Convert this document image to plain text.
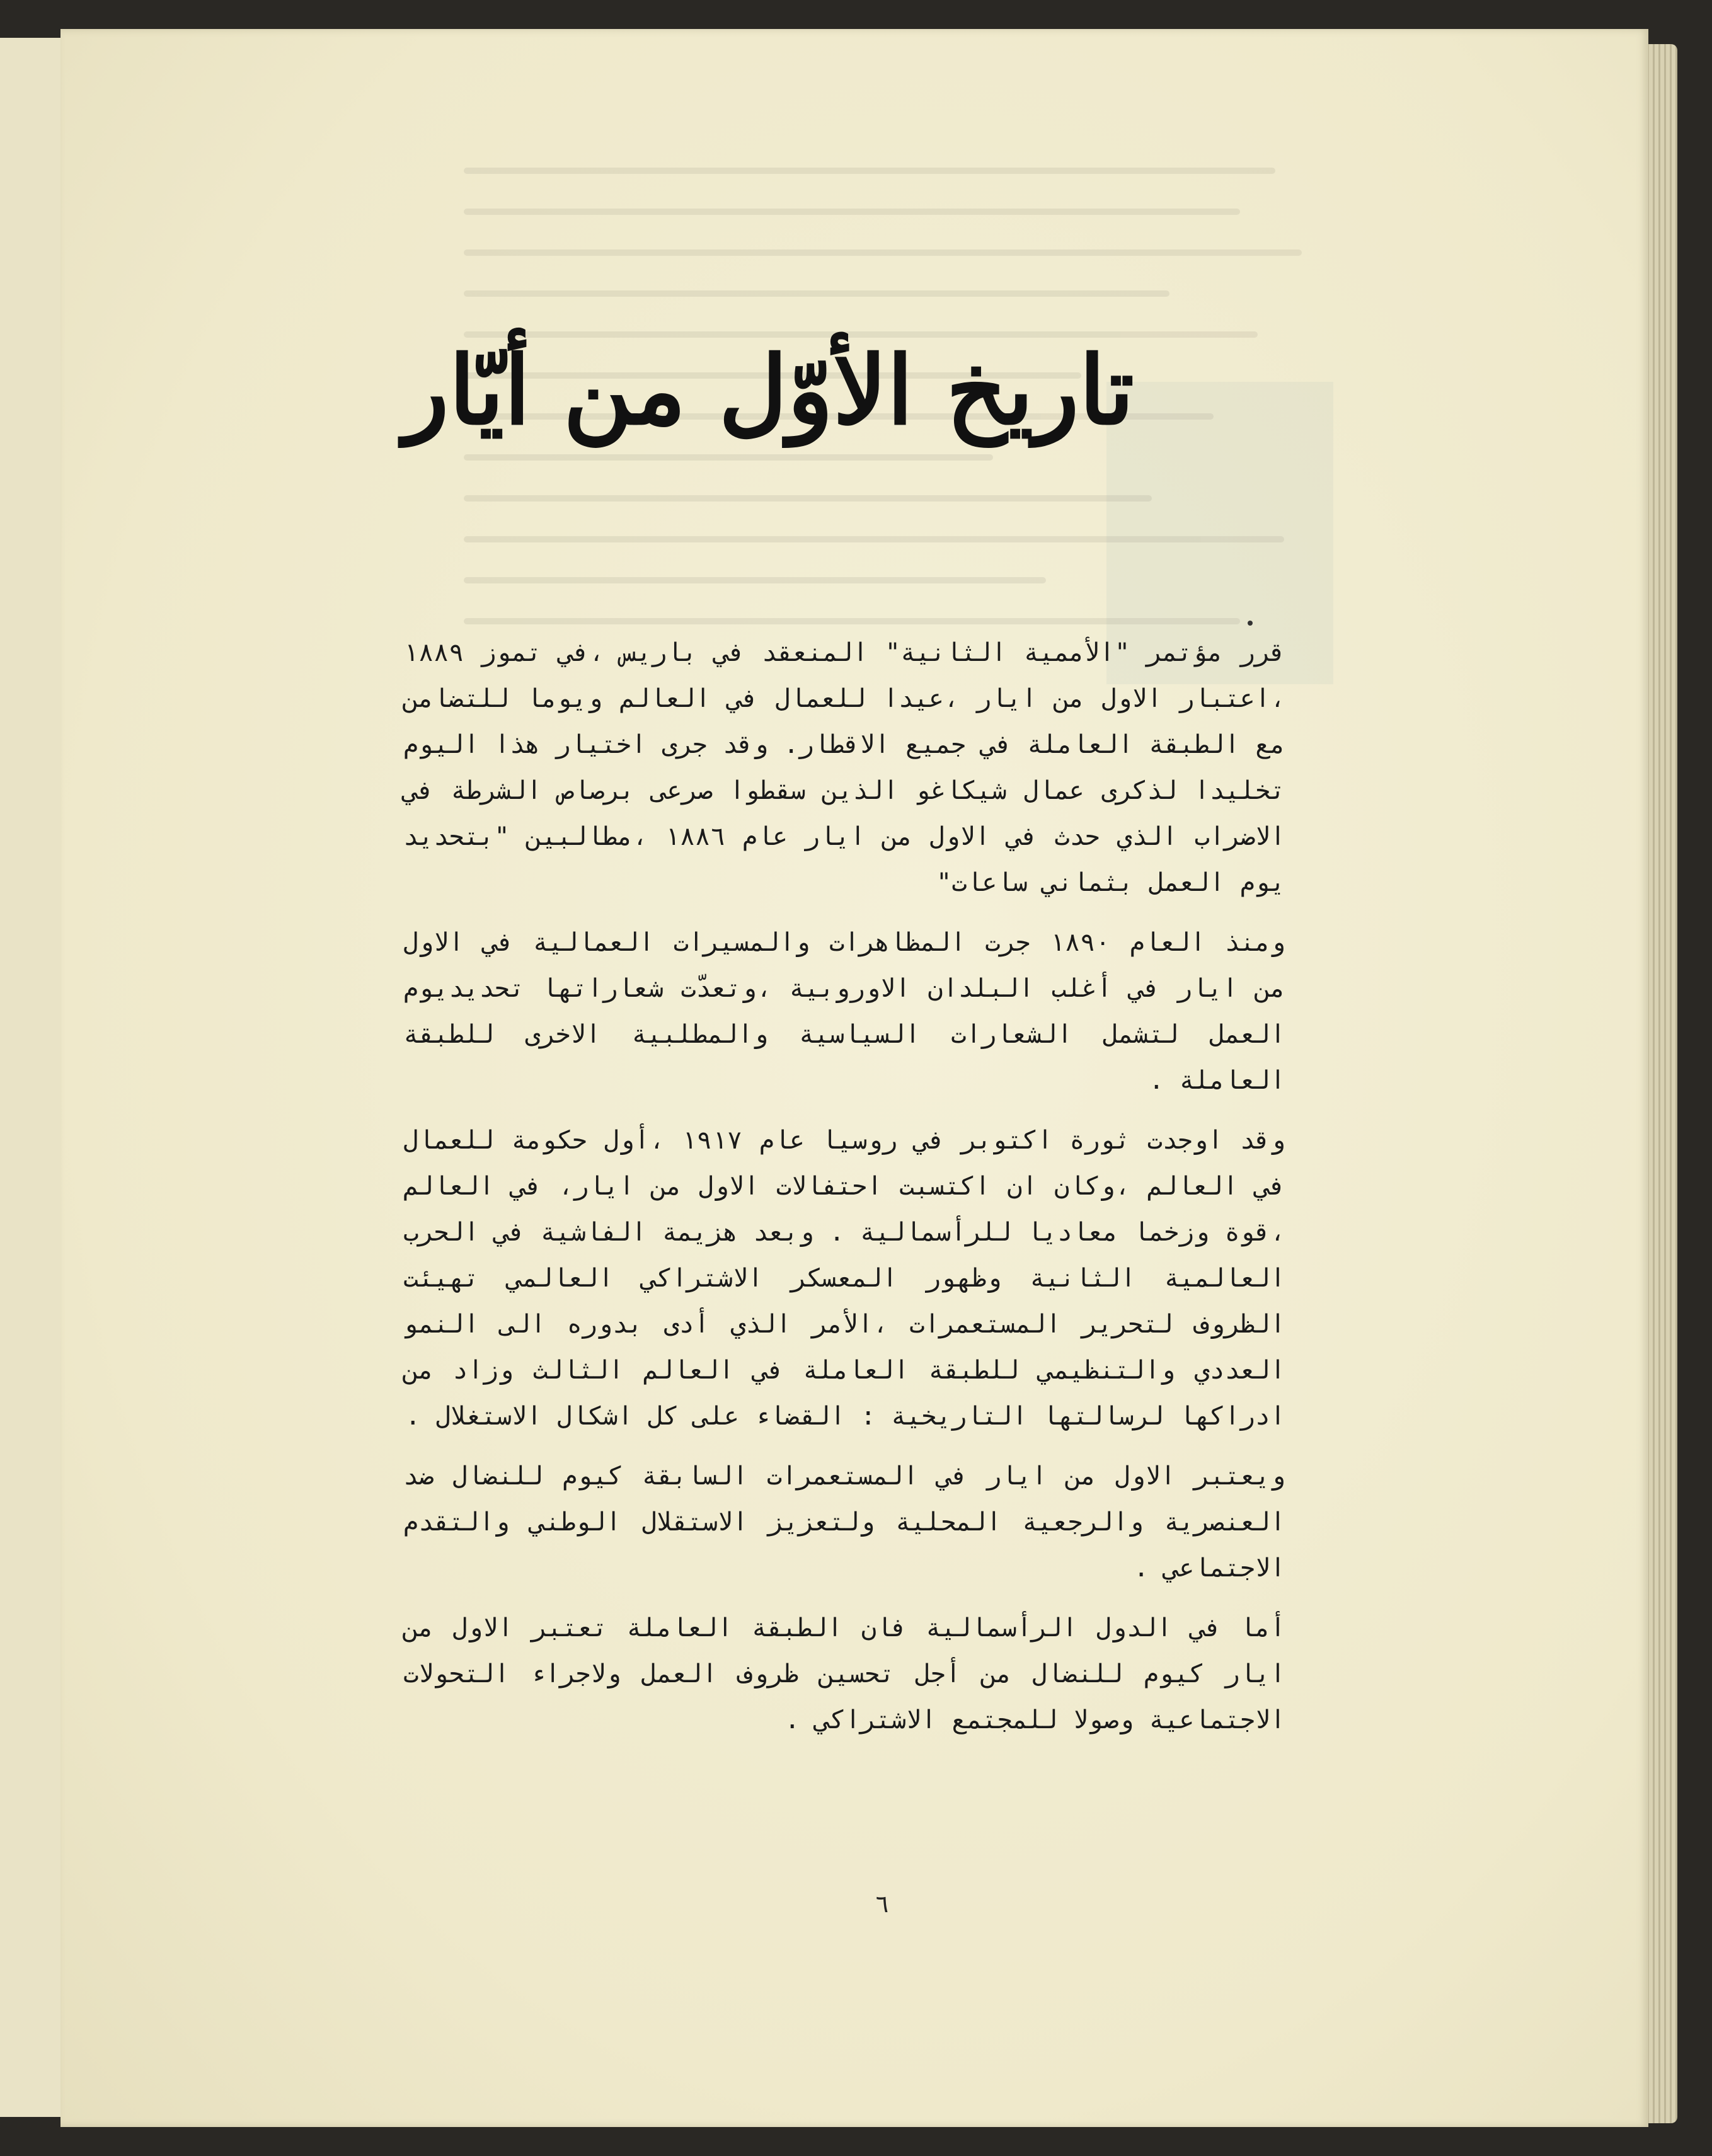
تاريخ الأوّل من أيّار

قرر مؤتمر "الأممية الثانية" المنعقد في باريس ،في تموز ١٨٨٩ ،اعتبار الاول من ايار ،عيدا للعمال في العالم ويوما للتضامن مع الطبقة العاملة في جميع الاقطار. وقد جرى اختيار هذا اليوم تخليدا لذكرى عمال شيكاغو الذين سقطوا صرعى برصاص الشرطة في الاضراب الذي حدث في الاول من ايار عام ١٨٨٦ ،مطالبين "بتحديد يوم العمل بثماني ساعات"

ومنذ العام ١٨٩٠ جرت المظاهرات والمسيرات العمالية في الاول من ايار في أغلب البلدان الاوروبية ،وتعدّت شعاراتها تحديديوم العمل لتشمل الشعارات السياسية والمطلبية الاخرى للطبقة العاملة .

وقد اوجدت ثورة اكتوبر في روسيا عام ١٩١٧ ،أول حكومة للعمال في العالم ،وكان ان اكتسبت احتفالات الاول من ايار، في العالم ،قوة وزخما معاديا للرأسمالية . وبعد هزيمة الفاشية في الحرب العالمية الثانية وظهور المعسكر الاشتراكي العالمي تهيئت الظروف لتحرير المستعمرات ،الأمر الذي أدى بدوره الى النمو العددي والتنظيمي للطبقة العاملة في العالم الثالث وزاد من ادراكها لرسالتها التاريخية : القضاء على كل اشكال الاستغلال .

ويعتبر الاول من ايار في المستعمرات السابقة كيوم للنضال ضد العنصرية والرجعية المحلية ولتعزيز الاستقلال الوطني والتقدم الاجتماعي .

أما في الدول الرأسمالية فان الطبقة العاملة تعتبر الاول من ايار كيوم للنضال من أجل تحسين ظروف العمل ولاجراء التحولات الاجتماعية وصولا للمجتمع الاشتراكي .

٦
